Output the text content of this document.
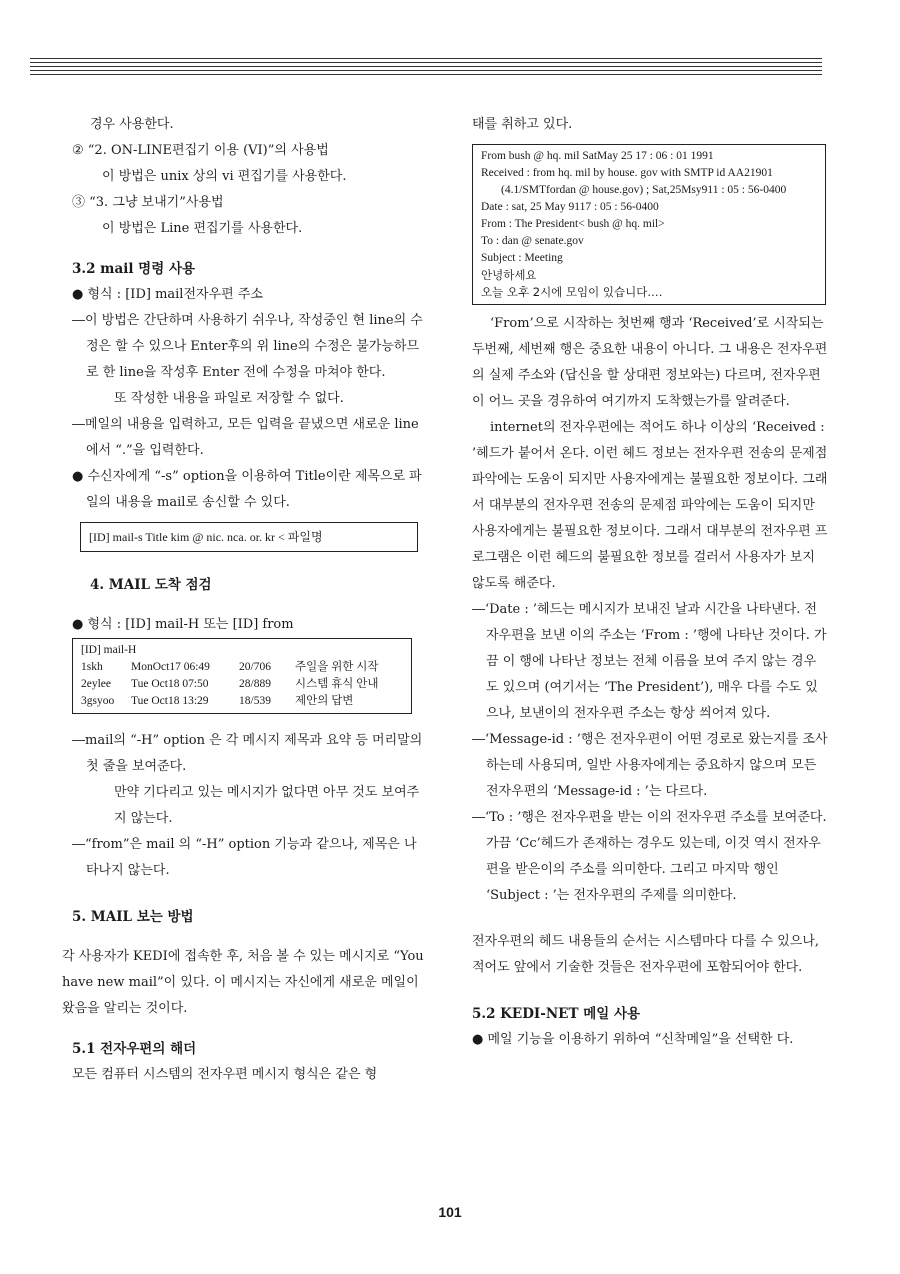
경우 사용한다.

② “2. ON-LINE편집기 이용 (VI)”의 사용법

이 방법은 unix 상의 vi 편집기를 사용한다.

③ “3. 그냥 보내기”사용법

이 방법은 Line 편집기를 사용한다.

3.2 mail 명령 사용

● 형식 : [ID] mail전자우편 주소

―이 방법은 간단하며 사용하기 쉬우나, 작성중인 현 line의 수정은 할 수 있으나 Enter후의 위 line의 수정은 불가능하므로 한 line을 작성후 Enter 전에 수정을 마쳐야 한다.

또 작성한 내용을 파일로 저장할 수 없다.

―메일의 내용을 입력하고, 모든 입력을 끝냈으면 새로운 line 에서 “.”을 입력한다.

● 수신자에게 “-s” option을 이용하여 Title이란 제목으로 파일의 내용을 mail로 송신할 수 있다.

[ID] mail-s Title kim @ nic. nca. or. kr < 파일명

4. MAIL 도착 점검

● 형식 : [ID] mail-H 또는 [ID] from

[ID] mail-H

1skh	MonOct17 06:49	20/706	주일을 위한 시작
2eylee	Tue Oct18 07:50	28/889	시스템 휴식 안내
3gsyoo	Tue Oct18 13:29	18/539	제안의 답변

―mail의 “-H” option 은 각 메시지 제목과 요약 등 머리말의 첫 줄을 보여준다.

만약 기다리고 있는 메시지가 없다면 아무 것도 보여주지 않는다.

―“from”은 mail 의 “-H” option 기능과 같으나, 제목은 나타나지 않는다.

5. MAIL 보는 방법

각 사용자가 KEDI에 접속한 후, 처음 볼 수 있는 메시지로 “You have new mail”이 있다. 이 메시지는 자신에게 새로운 메일이 왔음을 알리는 것이다.

5.1 전자우편의 해더

모든 컴퓨터 시스템의 전자우편 메시지 형식은 같은 형

태를 취하고 있다.

From bush @ hq. mil SatMay 25 17 : 06 : 01 1991

Received : from hq. mil by house. gov with SMTP id AA21901

(4.1/SMTfordan @ house.gov) ; Sat,25Msy911 : 05 : 56-0400

Date : sat, 25 May 9117 : 05 : 56-0400

From : The President< bush @ hq. mil>

To : dan @ senate.gov

Subject : Meeting

안녕하세요

오늘 오후 2시에 모임이 있습니다.…

‘From’으로 시작하는 첫번째 행과 ‘Received’로 시작되는 두번째, 세번째 행은 중요한 내용이 아니다. 그 내용은 전자우편의 실제 주소와 (답신을 할 상대편 정보와는) 다르며, 전자우편이 어느 곳을 경유하여 여기까지 도착했는가를 알려준다.

internet의 전자우편에는 적어도 하나 이상의 ‘Received : ’헤드가 붙어서 온다. 이런 헤드 정보는 전자우편 전송의 문제점 파악에는 도움이 되지만 사용자에게는 불필요한 정보이다. 그래서 대부분의 전자우편 전송의 문제점 파악에는 도움이 되지만 사용자에게는 불필요한 정보이다. 그래서 대부분의 전자우편 프로그램은 이런 헤드의 불필요한 정보를 걸러서 사용자가 보지 않도록 해준다.

―‘Date : ’헤드는 메시지가 보내진 날과 시간을 나타낸다. 전자우편을 보낸 이의 주소는 ‘From : ’행에 나타난 것이다. 가끔 이 행에 나타난 정보는 전체 이름을 보여 주지 않는 경우도 있으며 (여기서는 ‘The President’), 매우 다를 수도 있으나, 보낸이의 전자우편 주소는 항상 씌어져 있다.

―‘Message-id : ’행은 전자우편이 어떤 경로로 왔는지를 조사하는데 사용되며, 일반 사용자에게는 중요하지 않으며 모든 전자우편의 ‘Message-id : ’는 다르다.

―‘To : ’행은 전자우편을 받는 이의 전자우편 주소를 보여준다. 가끔 ‘Cc’헤드가 존재하는 경우도 있는데, 이것 역시 전자우편을 받은이의 주소를 의미한다. 그리고 마지막 행인 ‘Subject : ’는 전자우편의 주제를 의미한다.

전자우편의 헤드 내용들의 순서는 시스템마다 다를 수 있으나, 적어도 앞에서 기술한 것들은 전자우편에 포함되어야 한다.

5.2 KEDI-NET 메일 사용

● 메일 기능을 이용하기 위하여 “신착메일”을 선택한 다.

101
